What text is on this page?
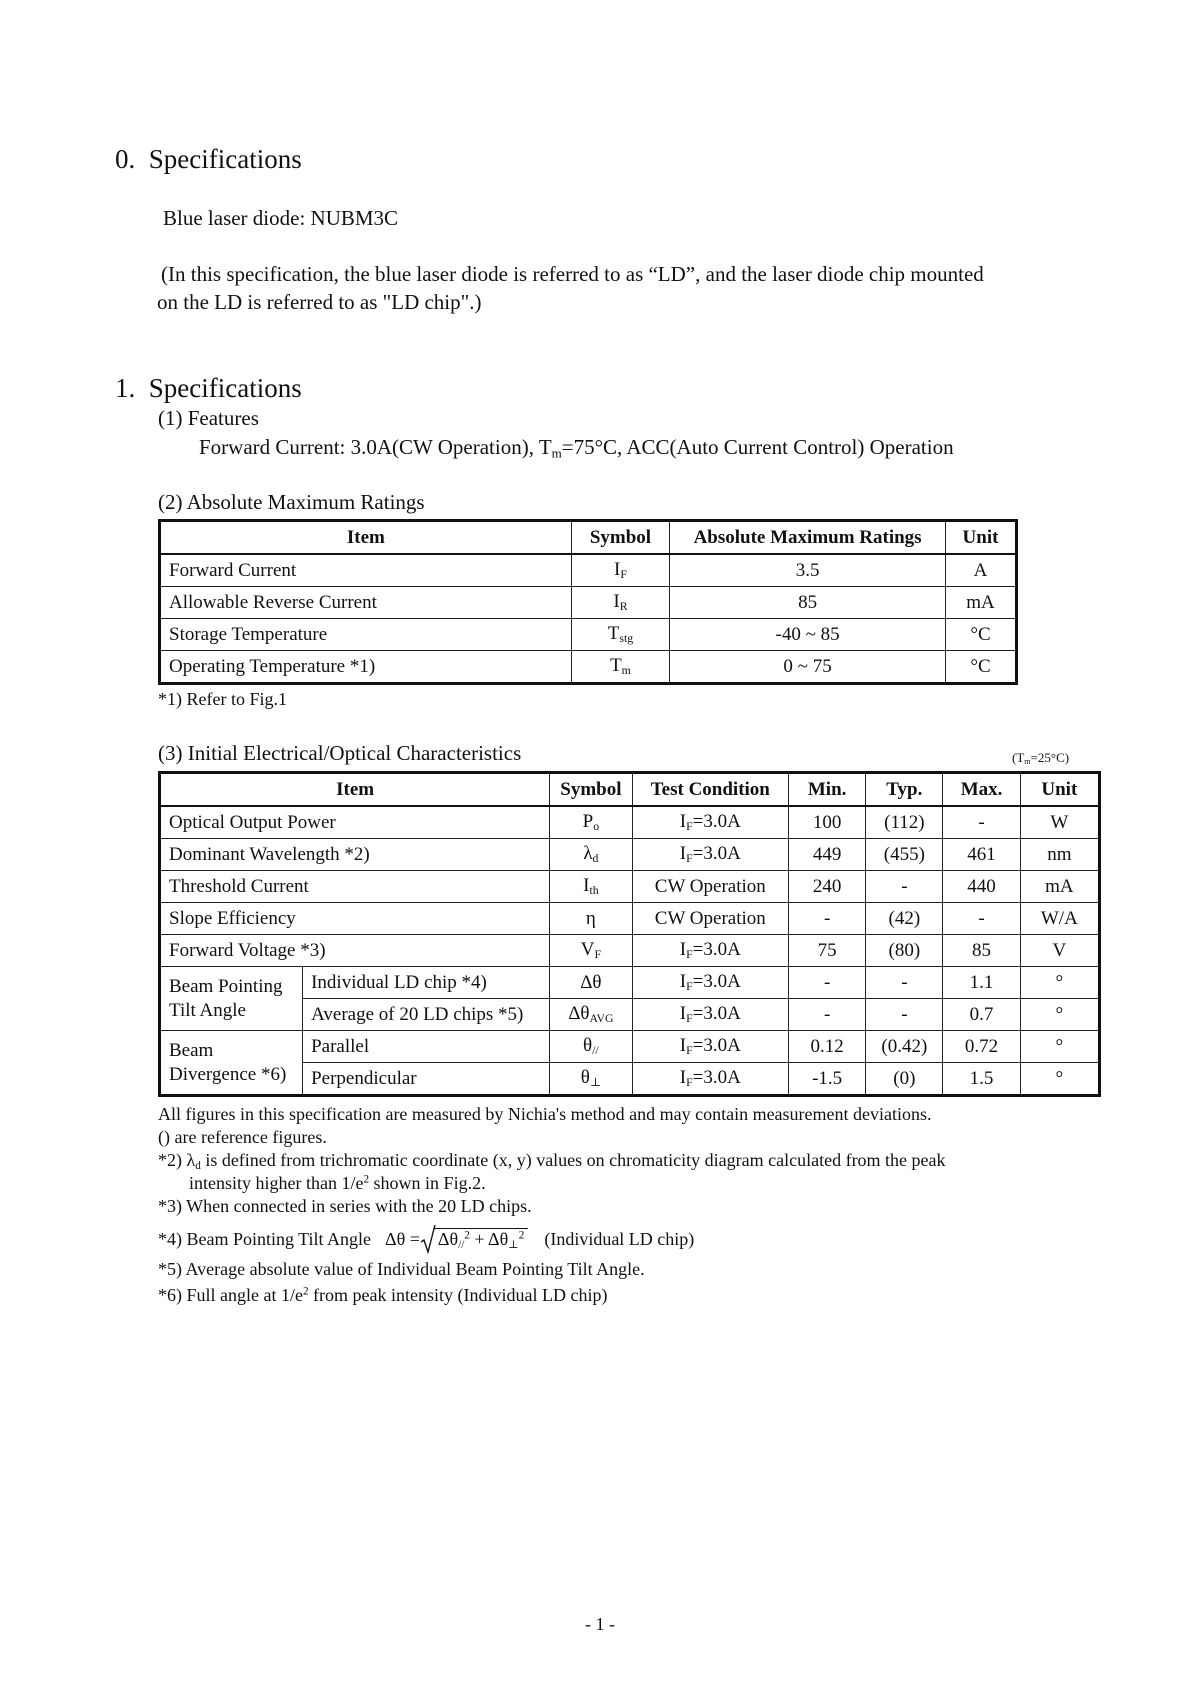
0. Specifications
Blue laser diode: NUBM3C
(In this specification, the blue laser diode is referred to as “LD”, and the laser diode chip mounted
on the LD is referred to as "LD chip".)
1. Specifications
(1) Features
Forward Current: 3.0A(CW Operation), $T_m=75^\circ C$, ACC(Auto Current Control) Operation
(2) Absolute Maximum Ratings
Item	Symbol	Absolute Maximum Ratings	Unit
Forward Current	$I_F$	3.5	A
Allowable Reverse Current	$I_R$	85	mA
Storage Temperature	$T_{stg}$	-40 ~ 85	°C
Operating Temperature *1)	$T_m$	0 ~ 75	°C
*1) Refer to Fig.1
(3) Initial Electrical/Optical Characteristics	$(T_m=25^\circ C)$
Item		Symbol	Test Condition	Min.	Typ.	Max.	Unit
Optical Output Power		$P_o$	$I_F=3.0A$	100	(112)	-	W
Dominant Wavelength *2)		$\lambda_d$	$I_F=3.0A$	449	(455)	461	nm
Threshold Current		$I_{th}$	CW Operation	240	-	440	mA
Slope Efficiency		η	CW Operation	-	(42)	-	W/A
Forward Voltage *3)		$V_F$	$I_F=3.0A$	75	(80)	85	V

Beam Pointing
Tilt Angle	Individual LD chip *4)	Δθ	$I_F=3.0A$	-	-	1.1	°
	Average of 20 LD chips *5)	$\Delta\theta_{AVG}$	$I_F=3.0A$	-	-	0.7	°

Beam
Divergence *6)	Parallel	$\theta_{//}$	$I_F=3.0A$	0.12	(0.42)	0.72	°
	Perpendicular	$\theta_\perp$	$I_F=3.0A$	-1.5	(0)	1.5	°
All figures in this specification are measured by Nichia's method and may contain measurement deviations.
() are reference figures.
*2) $\lambda_d$ is defined from trichromatic coordinate (x, y) values on chromaticity diagram calculated from the peak
intensity higher than $1/e^2$ shown in Fig.2.
*3) When connected in series with the 20 LD chips.
*4) Beam Pointing Tilt Angle $\Delta\theta = \Delta\theta_{//}^2 + \Delta\theta_\perp^2$ (Individual LD chip)
*5) Average absolute value of Individual Beam Pointing Tilt Angle.
*6) Full angle at $1/e^2$ from peak intensity (Individual LD chip)
- 1 -
